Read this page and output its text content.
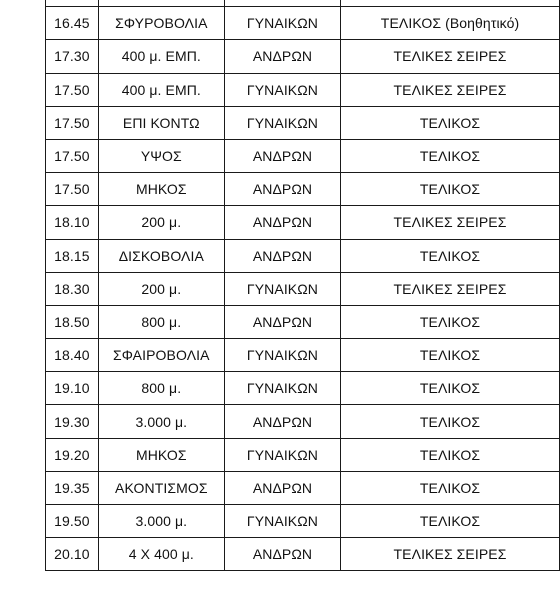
16.45	ΣΦΥΡΟΒΟΛΙΑ	ΓΥΝΑΙΚΩΝ	ΤΕΛΙΚΟΣ (Βοηθητικό)
17.30	400 μ. ΕΜΠ.	ΑΝΔΡΩΝ	ΤΕΛΙΚΕΣ ΣΕΙΡΕΣ
17.50	400 μ. ΕΜΠ.	ΓΥΝΑΙΚΩΝ	ΤΕΛΙΚΕΣ ΣΕΙΡΕΣ
17.50	ΕΠΙ ΚΟΝΤΩ	ΓΥΝΑΙΚΩΝ	ΤΕΛΙΚΟΣ
17.50	ΥΨΟΣ	ΑΝΔΡΩΝ	ΤΕΛΙΚΟΣ
17.50	ΜΗΚΟΣ	ΑΝΔΡΩΝ	ΤΕΛΙΚΟΣ
18.10	200 μ.	ΑΝΔΡΩΝ	ΤΕΛΙΚΕΣ ΣΕΙΡΕΣ
18.15	ΔΙΣΚΟΒΟΛΙΑ	ΑΝΔΡΩΝ	ΤΕΛΙΚΟΣ
18.30	200 μ.	ΓΥΝΑΙΚΩΝ	ΤΕΛΙΚΕΣ ΣΕΙΡΕΣ
18.50	800 μ.	ΑΝΔΡΩΝ	ΤΕΛΙΚΟΣ
18.40	ΣΦΑΙΡΟΒΟΛΙΑ	ΓΥΝΑΙΚΩΝ	ΤΕΛΙΚΟΣ
19.10	800 μ.	ΓΥΝΑΙΚΩΝ	ΤΕΛΙΚΟΣ
19.30	3.000 μ.	ΑΝΔΡΩΝ	ΤΕΛΙΚΟΣ
19.20	ΜΗΚΟΣ	ΓΥΝΑΙΚΩΝ	ΤΕΛΙΚΟΣ
19.35	ΑΚΟΝΤΙΣΜΟΣ	ΑΝΔΡΩΝ	ΤΕΛΙΚΟΣ
19.50	3.000 μ.	ΓΥΝΑΙΚΩΝ	ΤΕΛΙΚΟΣ
20.10	4 Χ 400 μ.	ΑΝΔΡΩΝ	ΤΕΛΙΚΕΣ ΣΕΙΡΕΣ
